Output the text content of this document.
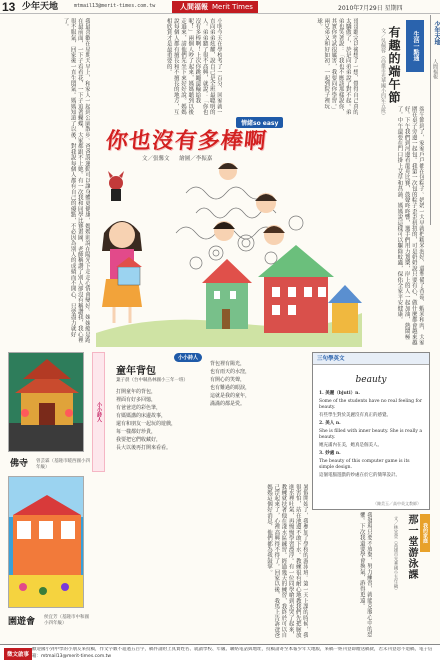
13 少年天地	mtmail13@merit-times.com.tw	人間福報 Merit Times	2010年7月29日 星期四
少年天地
人間福報
我最喜歡在星期天早上，和家人一起到公園散步。爸爸說運動可以讓身體更健康，媽媽則說在陽光下走走心情會變好。妹妹總是跑在最前面，一下子看看花，一下子追著蝴蝶，大家都跟不上她。有一次我和同學比賽畫圖，老師稱讚了別人卻沒有稱讚我，我心裡很不服氣，回家後一直生悶氣。媽媽知道了以後，對我說每個人都有自己的優點，不必因為別人的成績而不開心，只要盡力就好了。	小明今天在學校考了一百分，回家就一直向弟弟炫耀，說自己是全班最聰明的人。弟弟聽了很不高興，就說：「你也沒有多棒啊！上次你跳繩還輸給我呢！」兩個人吵了起來，媽媽聽到以後走過來，請他們先坐下來好好說。媽媽說每個人都有擅長和不擅長的地方，互相欣賞才是最重要的。	哥哥聽完以後想了一想，覺得自己真的太驕傲了，於是向弟弟說了對不起。弟弟也笑著說：「我也不應該那樣說你，其實你考試很厲害，我要向你學習。」兩兄弟又和好如初，一起到院子裡玩球。
生活一點通
有趣的端午節
文／吳佩蓉（高雄市光華國小四年五班）
端午節到了，家家戶戶都在包粽子。奶奶一大早就把糯米泡好，還準備了香菇、蝦米和肉，大家圍在桌子旁邊一起包。我第一次包的粽子歪歪扭扭的，可是奶奶說只要有心，做什麼都會越來越好。下午我們到河邊看龍舟比賽，鼓聲咚咚響，選手們用力划槳，岸上的人一起加油，熱鬧極了。中午還要在門口掛上艾草和菖蒲，媽媽說這樣可以驅除蚊蟲，保佑全家平安健康。
情緒so easy
你也沒有多棒啊
文／張馨文 繪圖／李振嘉
佛寺 曾芸霖（基隆市暖西國小四年級）
園遊會 侯宜芳（基隆市中和國小四年級）
小小詩人
小小詩人
童年背包
葉子晨（台中縣鳥林國小三年一班）
打開童年的背包，
裡面有好多回憶，
有爸爸送的彩色筆，
有媽媽講的床邊故事，
還有和朋友一起玩的遊戲，
每一樣都好珍貴，
我要把它們收藏好，
長大以後再打開來看看。
背包裡有陽光，
也有雨天的水窪，
有開心的笑聲，
也有難過的眼淚，
這就是我的童年，
滿滿的都是愛。
三句學英文
beauty

1. 美麗（bjuti）n.

Some of the students have no real feeling for beauty.

有些學生對於美麗沒有真正的感覺。

2. 美人 n.

She is filled with inner beauty. She is really a beauty.

她充滿內在美，她真是個美人。

3. 妙處 n.

The beauty of this computer game is its simple design.

這個電腦遊戲的妙處在於它的簡單設計。

（陳美玉／高中英文教師）
暑假開始了，我參加了學校的游泳班。第一天上課的時候，我很害怕，站在池邊不敢下水。教練很有耐心地教我們先把臉放進水裡吐氣，再慢慢學習漂浮。有一位同學嗆到水哭了起來，教練就扶著他在淺水區練習。經過幾天的練習，我終於可以自己浮起來了，心裡高興得不得了。回家以後，我馬上告訴爸爸媽媽這個好消息，他們都為我鼓掌。	我發現只要不放棄，努力練習，就能克服心中的恐懼。下次我還要學會換氣，游得更遠。	我的家庭
那一堂游泳課
文／林宜萱（高雄市光華國小五年級）
徵文啟事
歡迎國小到中學的小朋友來投稿，作文字數不超過五百字，稿件請附上真實姓名、就讀學校、年級、聯絡電話與地址，投稿請寄至本報少年天地版，來稿一經刊登即贈送稿費，若未刊登恕不退稿，電子信箱：mtmail13@merit-times.com.tw
